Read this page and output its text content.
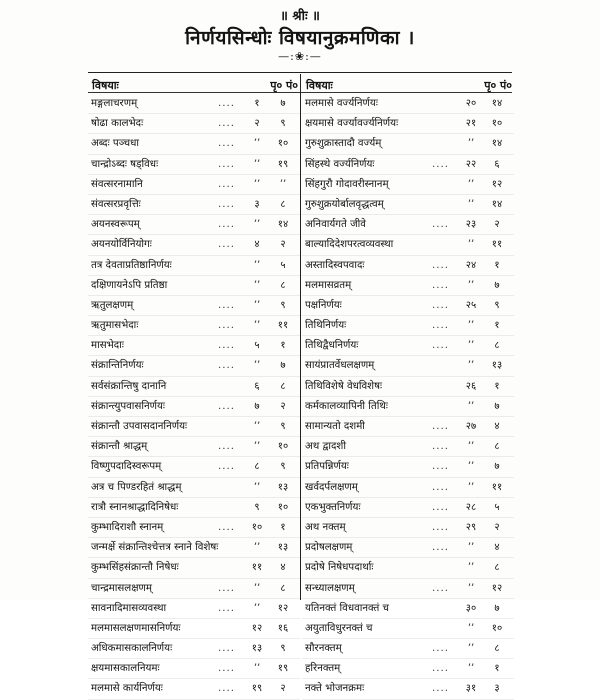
॥ श्रीः ॥
निर्णयसिन्धोः विषयानुक्रमणिका ।
—:❀:—
विषयाः	पृ० पं० विषयाः	पृ० पं०
मङ्गलाचरणम्	....	१	७
षोढा कालभेदः	....	२	९
अब्दः पञ्चधा	....	’’	१०
चान्द्रोऽब्दः षड्विधः	....	’’	१९
संवत्सरनामानि	....	’’	’’
संवत्सरप्रवृत्तिः	....	३	८
अयनस्वरूपम्	....	’’	१४
अयनयोर्विनियोगः	....	४	२
तत्र देवताप्रतिष्ठानिर्णयः	’’	५
दक्षिणायनेऽपि प्रतिष्ठा	’’	८
ऋतुलक्षणम्	....	’’	९
ऋतुमासभेदाः	....	’’	११
मासभेदाः	....	५	१
संक्रान्तिनिर्णयः	....	’’	७
सर्वसंक्रान्तिषु दानानि	६	८
संक्रान्त्युपवासनिर्णयः	....	७	२
संक्रान्तौ उपवासदाननिर्णयः	’’	९
संक्रान्तौ श्राद्धम्	....	’’	१०
विष्णुपदादिस्वरूपम्	....	८	९
अत्र च पिण्डरहितं श्राद्धम्	’’	१३
रात्रौ स्नानश्राद्धादिनिषेधः	९	१०
कुम्भादिराशौ स्नानम्	....	१०	१
जन्मर्क्षे संक्रान्तिश्चेत्तत्र स्नाने विशेषः	’’	१३
कुम्भसिंहसंक्रान्तौ निषेधः	११	४
चान्द्रमासलक्षणम्	....	’’	८
सावनादिमासव्यवस्था	....	’’	१२
मलमासलक्षणमासनिर्णयः	१२	१६
अधिकमासकालनिर्णयः	....	१३	९
क्षयमासकालनियमः	....	’’	१९
मलमासे कार्यनिर्णयः	....	१९	२
मलमासे वर्ज्यनिर्णयः	२०	१४
क्षयमासे वर्ज्यावर्ज्यनिर्णयः	२१	१०
गुरुशुक्रास्तादौ वर्ज्यम्	’’	१४
सिंहस्थे वर्ज्यनिर्णयः	....	२२	६
सिंहगुरौ गोदावरीस्नानम्	’’	१२
गुरुशुक्रयोर्बालवृद्धत्वम्	’’	१४
अनिवार्यगते जीवे	....	२३	२
बाल्यादिदेशपरत्वव्यवस्था	’’	११
अस्तादिस्वपवादः	....	२४	१
मलमासव्रतम्	....	’’	७
पक्षनिर्णयः	....	२५	९
तिथिनिर्णयः	....	’’	१
तिथिद्वैधनिर्णयः	....	’’	८
सायंप्रातर्वेधलक्षणम्	’’	१३
तिथिविशेषे वेधविशेषः	२६	१
कर्मकालव्यापिनी तिथिः	’’	७
सामान्यतो दशमी	....	२७	४
अथ द्वादशी	....	’’	८
प्रतिपन्निर्णयः	....	’’	७
खर्वदर्पलक्षणम्	....	’’	११
एकभुक्तनिर्णयः	....	२८	५
अथ नक्तम्	....	२९	२
प्रदोषलक्षणम्	....	’’	४
प्रदोषे निषेधपदार्थाः	’’	८
सन्ध्यालक्षणम्	....	’’	१२
यतिनक्तं विधवानक्तं च	३०	७
अयुताविधुरनक्तं च	’’	१०
सौरनक्तम्	....	’’	८
हरिनक्तम्	....	’’	१
नक्ते भोजनक्रमः	....	३१	३
